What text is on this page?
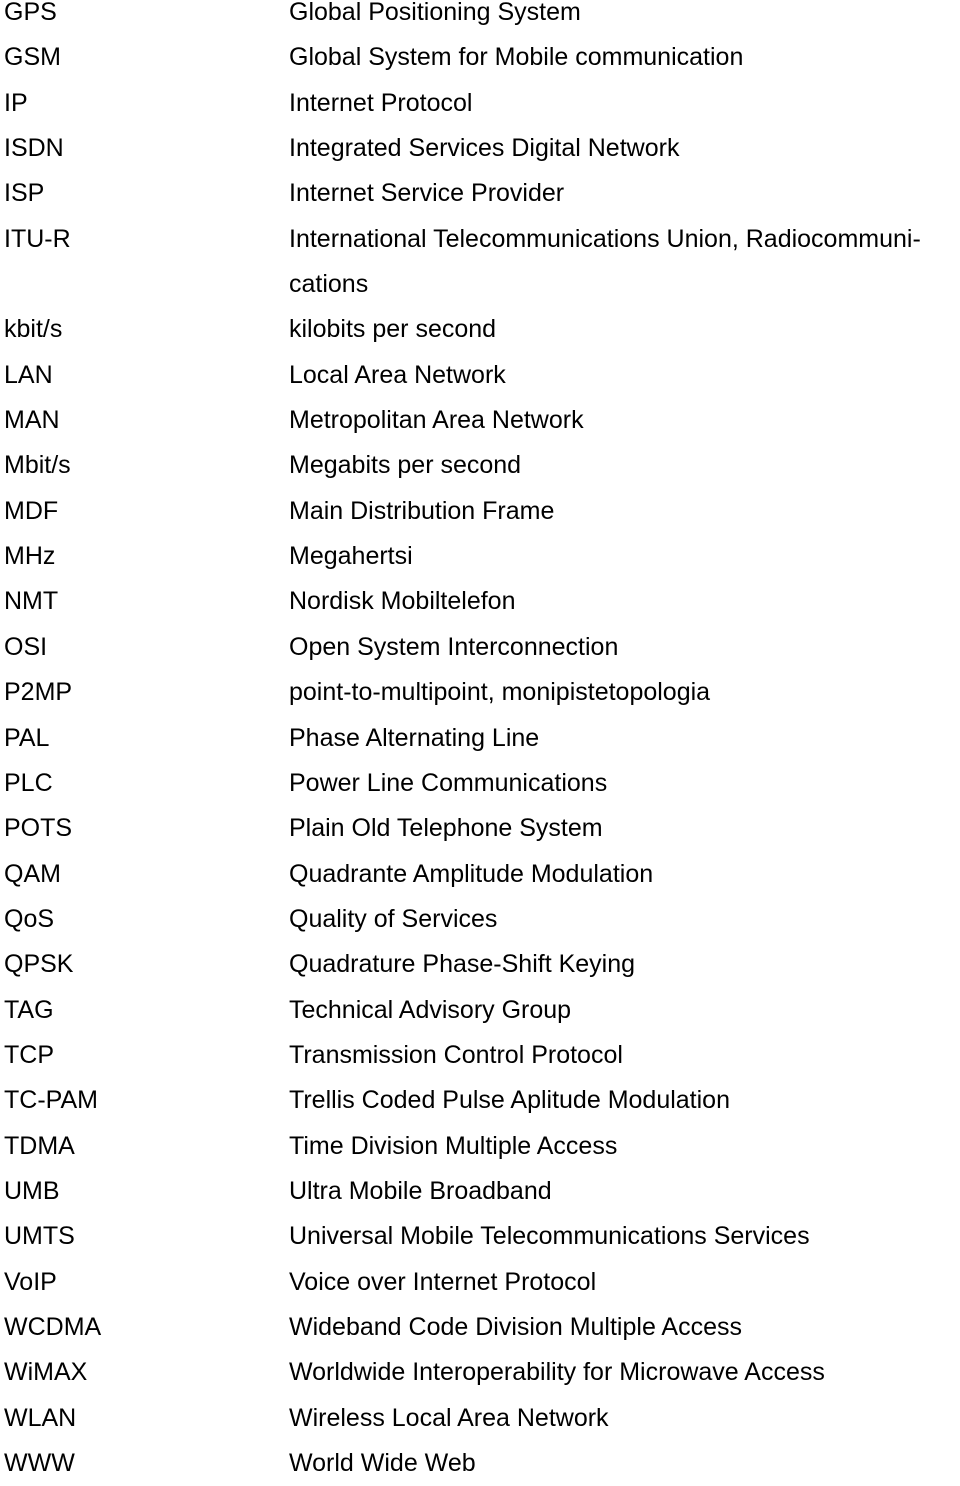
GPS	Global Positioning System
GSM	Global System for Mobile communication
IP	Internet Protocol
ISDN	Integrated Services Digital Network
ISP	Internet Service Provider
ITU-R	International Telecommunications Union, Radiocommuni-
cations
kbit/s	kilobits per second
LAN	Local Area Network
MAN	Metropolitan Area Network
Mbit/s	Megabits per second
MDF	Main Distribution Frame
MHz	Megahertsi
NMT	Nordisk Mobiltelefon
OSI	Open System Interconnection
P2MP	point-to-multipoint, monipistetopologia
PAL	Phase Alternating Line
PLC	Power Line Communications
POTS	Plain Old Telephone System
QAM	Quadrante Amplitude Modulation
QoS	Quality of Services
QPSK	Quadrature Phase-Shift Keying
TAG	Technical Advisory Group
TCP	Transmission Control Protocol
TC-PAM	Trellis Coded Pulse Aplitude Modulation
TDMA	Time Division Multiple Access
UMB	Ultra Mobile Broadband
UMTS	Universal Mobile Telecommunications Services
VoIP	Voice over Internet Protocol
WCDMA	Wideband Code Division Multiple Access
WiMAX	Worldwide Interoperability for Microwave Access
WLAN	Wireless Local Area Network
WWW	World Wide Web
